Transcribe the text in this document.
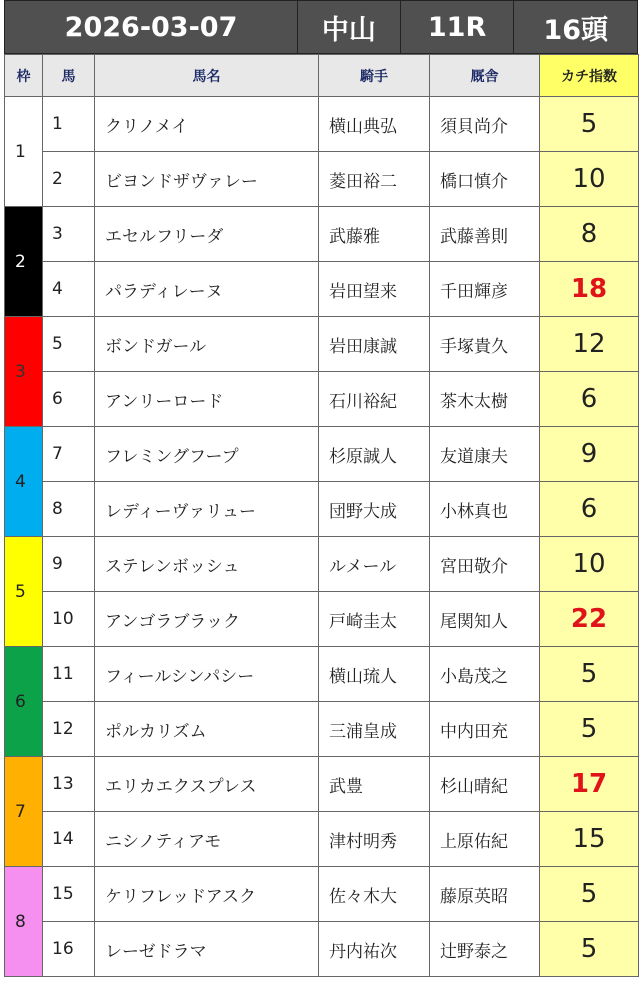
2026-03-07	中山	11R	16頭
枠	馬	馬名	騎手	厩舎	カチ指数
1	1	クリノメイ	横山典弘	須貝尚介	5
	2	ビヨンドザヴァレー	菱田裕二	橋口慎介	10
2	3	エセルフリーダ	武藤雅	武藤善則	8
	4	パラディレーヌ	岩田望来	千田輝彦	18
3	5	ボンドガール	岩田康誠	手塚貴久	12
	6	アンリーロード	石川裕紀	茶木太樹	6
4	7	フレミングフープ	杉原誠人	友道康夫	9
	8	レディーヴァリュー	団野大成	小林真也	6
5	9	ステレンボッシュ	ルメール	宮田敬介	10
	10	アンゴラブラック	戸崎圭太	尾関知人	22
6	11	フィールシンパシー	横山琉人	小島茂之	5
	12	ポルカリズム	三浦皇成	中内田充	5
7	13	エリカエクスプレス	武豊	杉山晴紀	17
	14	ニシノティアモ	津村明秀	上原佑紀	15
8	15	ケリフレッドアスク	佐々木大	藤原英昭	5
	16	レーゼドラマ	丹内祐次	辻野泰之	5
